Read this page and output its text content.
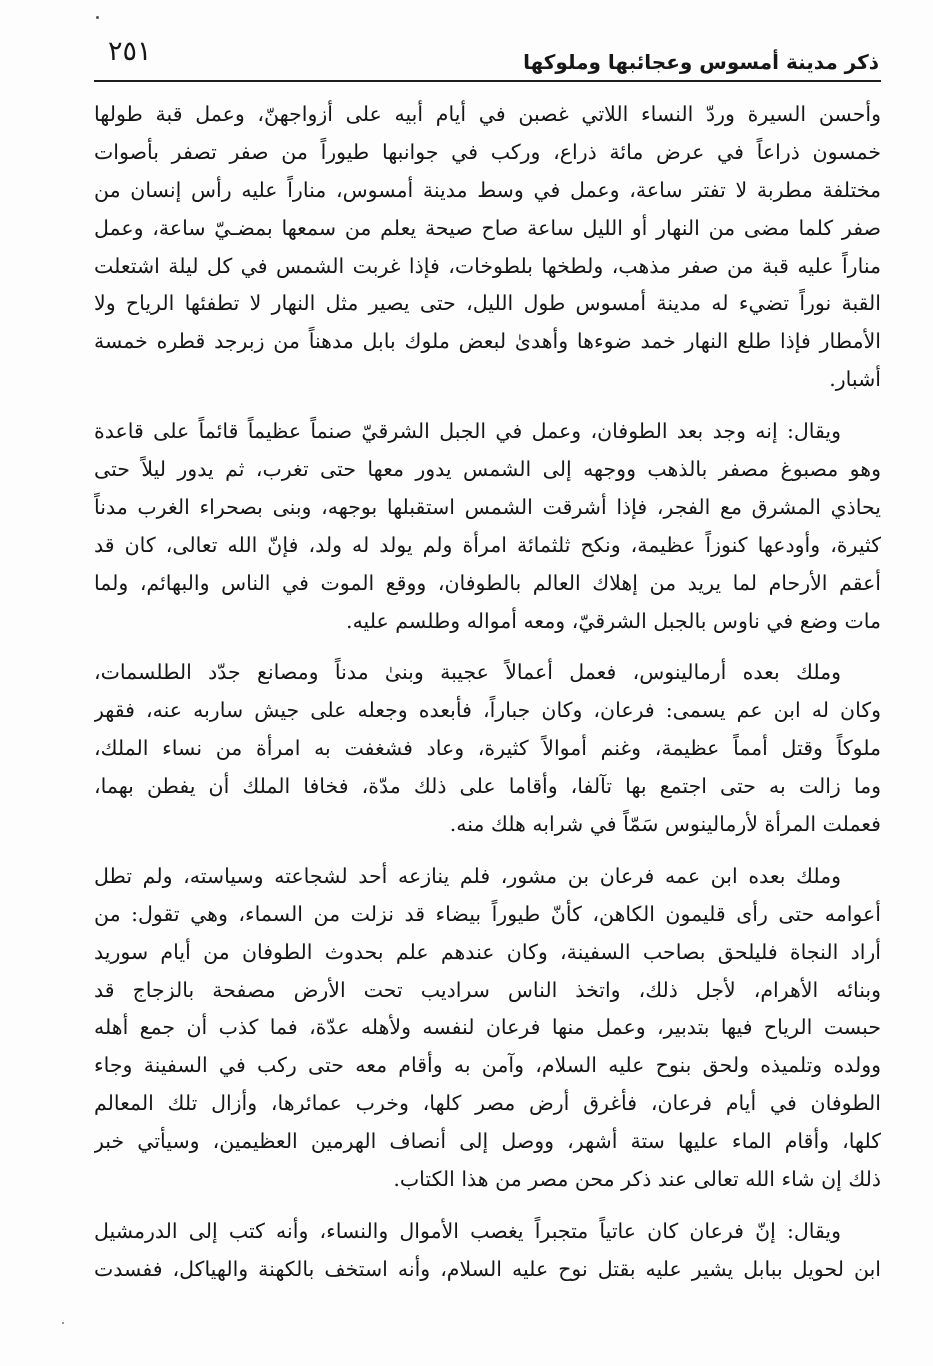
ذكر مدينة أمسوس وعجائبها وملوكها
٢٥١
وأحسن السيرة وردّ النساء اللاتي غصبن في أيام أبيه على أزواجهنّ، وعمل قبة طولها
خمسون ذراعاً في عرض مائة ذراع، وركب في جوانبها طيوراً من صفر تصفر بأصوات
مختلفة مطربة لا تفتر ساعة، وعمل في وسط مدينة أمسوس، مناراً عليه رأس إنسان من
صفر كلما مضى من النهار أو الليل ساعة صاح صيحة يعلم من سمعها بمضـيّ ساعة، وعمل
مناراً عليه قبة من صفر مذهب، ولطخها بلطوخات، فإذا غربت الشمس في كل ليلة اشتعلت
القبة نوراً تضيء له مدينة أمسوس طول الليل، حتى يصير مثل النهار لا تطفئها الرياح ولا
الأمطار فإذا طلع النهار خمد ضوءها وأهدىٰ لبعض ملوك بابل مدهناً من زبرجد قطره خمسة
أشبار.
ويقال: إنه وجد بعد الطوفان، وعمل في الجبل الشرقيّ صنماً عظيماً قائماً على قاعدة
وهو مصبوغ مصفر بالذهب ووجهه إلى الشمس يدور معها حتى تغرب، ثم يدور ليلاً حتى
يحاذي المشرق مع الفجر، فإذا أشرقت الشمس استقبلها بوجهه، وبنى بصحراء الغرب مدناً
كثيرة، وأودعها كنوزاً عظيمة، ونكح ثلثمائة امرأة ولم يولد له ولد، فإنّ الله تعالى، كان قد
أعقم الأرحام لما يريد من إهلاك العالم بالطوفان، ووقع الموت في الناس والبهائم، ولما
مات وضع في ناوس بالجبل الشرقيّ، ومعه أمواله وطلسم عليه.
وملك بعده أرمالينوس، فعمل أعمالاً عجيبة وبنىٰ مدناً ومصانع جدّد الطلسمات،
وكان له ابن عم يسمى: فرعان، وكان جباراً، فأبعده وجعله على جيش ساربه عنه، فقهر
ملوكاً وقتل أمماً عظيمة، وغنم أموالاً كثيرة، وعاد فشغفت به امرأة من نساء الملك،
وما زالت به حتى اجتمع بها تآلفا، وأقاما على ذلك مدّة، فخافا الملك أن يفطن بهما،
فعملت المرأة لأرمالينوس سَمّاً في شرابه هلك منه.
وملك بعده ابن عمه فرعان بن مشور، فلم ينازعه أحد لشجاعته وسياسته، ولم تطل
أعوامه حتى رأى قليمون الكاهن، كأنّ طيوراً بيضاء قد نزلت من السماء، وهي تقول: من
أراد النجاة فليلحق بصاحب السفينة، وكان عندهم علم بحدوث الطوفان من أيام سوريد
وبنائه الأهرام، لأجل ذلك، واتخذ الناس سراديب تحت الأرض مصفحة بالزجاج قد
حبست الرياح فيها بتدبير، وعمل منها فرعان لنفسه ولأهله عدّة، فما كذب أن جمع أهله
وولده وتلميذه ولحق بنوح عليه السلام، وآمن به وأقام معه حتى ركب في السفينة وجاء
الطوفان في أيام فرعان، فأغرق أرض مصر كلها، وخرب عمائرها، وأزال تلك المعالم
كلها، وأقام الماء عليها ستة أشهر، ووصل إلى أنصاف الهرمين العظيمين، وسيأتي خبر
ذلك إن شاء الله تعالى عند ذكر محن مصر من هذا الكتاب.
ويقال: إنّ فرعان كان عاتياً متجبراً يغصب الأموال والنساء، وأنه كتب إلى الدرمشيل
ابن لحويل ببابل يشير عليه بقتل نوح عليه السلام، وأنه استخف بالكهنة والهياكل، ففسدت
